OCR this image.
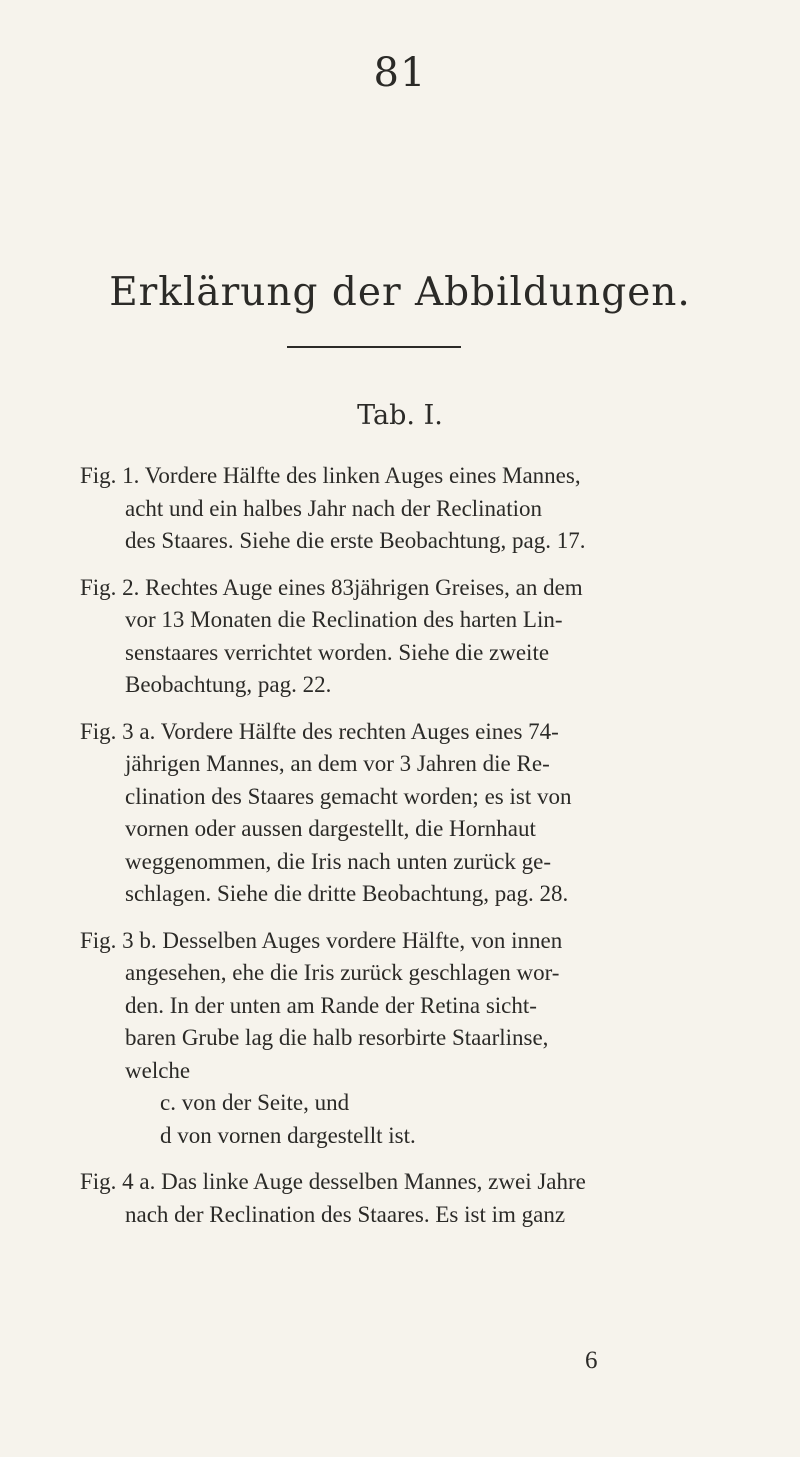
81
Erklärung der Abbildungen.
Tab. I.
Fig. 1. Vordere Hälfte des linken Auges eines Mannes,
acht und ein halbes Jahr nach der Reclination
des Staares. Siehe die erste Beobachtung, pag. 17.
Fig. 2. Rechtes Auge eines 83jährigen Greises, an dem
vor 13 Monaten die Reclination des harten Lin-
senstaares verrichtet worden. Siehe die zweite
Beobachtung, pag. 22.
Fig. 3 a. Vordere Hälfte des rechten Auges eines 74-
jährigen Mannes, an dem vor 3 Jahren die Re-
clination des Staares gemacht worden; es ist von
vornen oder aussen dargestellt, die Hornhaut
weggenommen, die Iris nach unten zurück ge-
schlagen. Siehe die dritte Beobachtung, pag. 28.
Fig. 3 b. Desselben Auges vordere Hälfte, von innen
angesehen, ehe die Iris zurück geschlagen wor-
den. In der unten am Rande der Retina sicht-
baren Grube lag die halb resorbirte Staarlinse,
welche
c. von der Seite, und
d von vornen dargestellt ist.
Fig. 4 a. Das linke Auge desselben Mannes, zwei Jahre
nach der Reclination des Staares. Es ist im ganz
6
